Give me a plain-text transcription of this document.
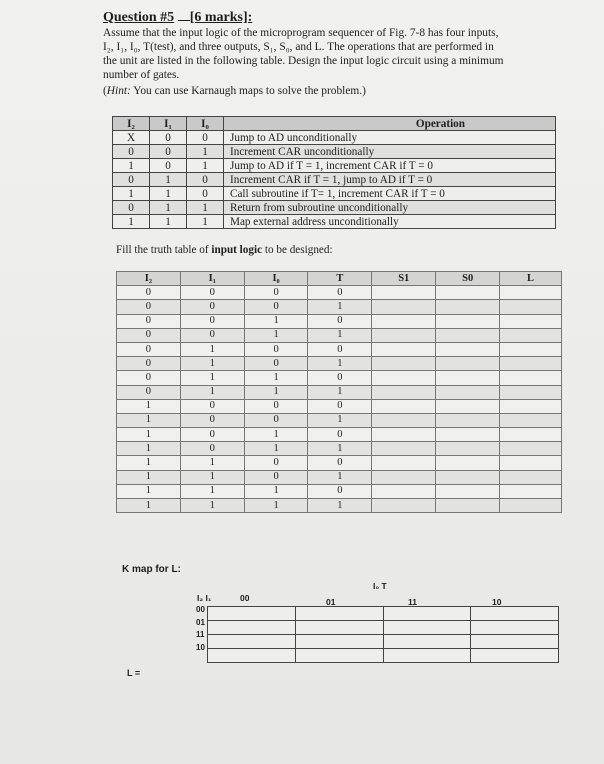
Question #5 [6 marks]:
Assume that the input logic of the microprogram sequencer of Fig. 7-8 has four inputs,
I₂, I₁, I₀, T(test), and three outputs, S₁, S₀, and L. The operations that are performed in
the unit are listed in the following table. Design the input logic circuit using a minimum
number of gates.
(Hint: You can use Karnaugh maps to solve the problem.)
I₂	I₁	I₀	Operation
X	0	0	Jump to AD unconditionally
0	0	1	Increment CAR unconditionally
1	0	1	Jump to AD if T = 1, increment CAR if T = 0
0	1	0	Increment CAR if T = 1, jump to AD if T = 0
1	1	0	Call subroutine if T= 1, increment CAR if T = 0
0	1	1	Return from subroutine unconditionally
1	1	1	Map external address unconditionally
Fill the truth table of input logic to be designed:
I₂	I₁	I₀	T	S1	S0	L
0	0	0	0			
0	0	0	1			
0	0	1	0			
0	0	1	1			
0	1	0	0			
0	1	0	1			
0	1	1	0			
0	1	1	1			
1	0	0	0			
1	0	0	1			
1	0	1	0			
1	0	1	1			
1	1	0	0			
1	1	0	1			
1	1	1	0			
1	1	1	1			
K map for L:
I₀ T
I₂ I₁	00	01	11	10
00
01
11
10

L =
